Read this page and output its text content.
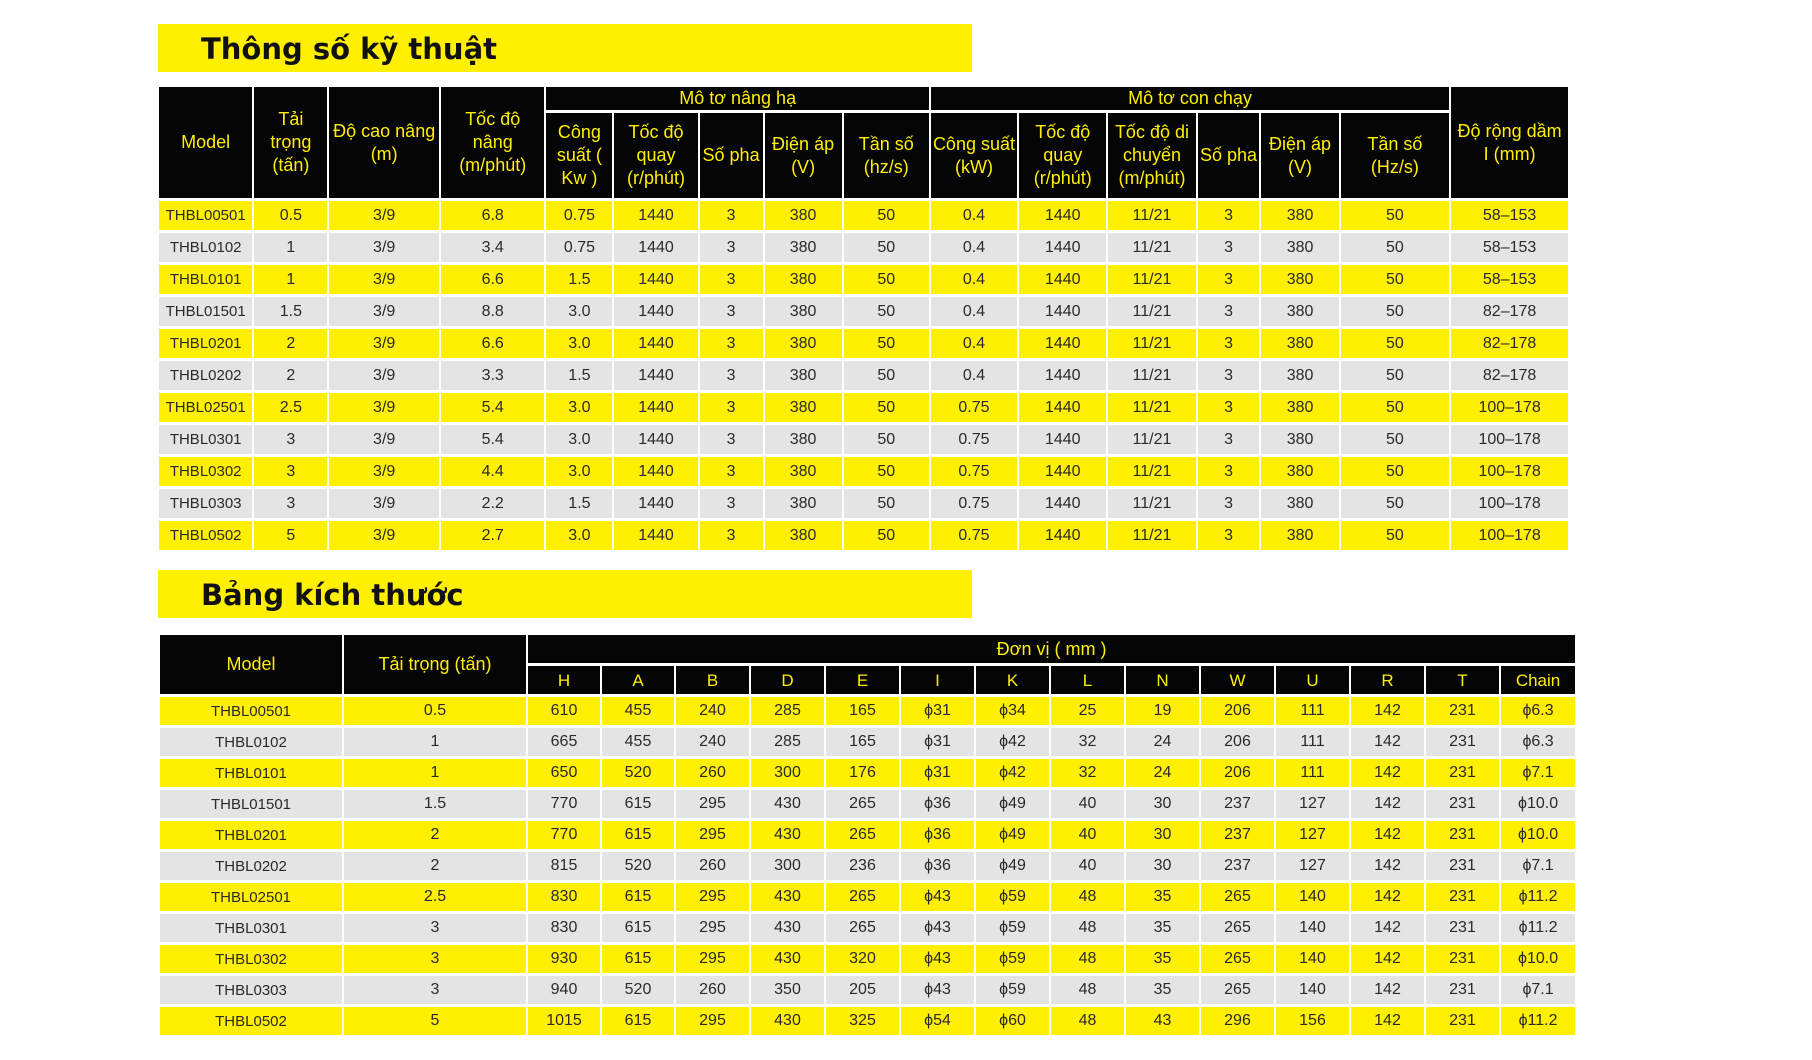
Thông số kỹ thuật
Model	Tải trọng (tấn)	Độ cao nâng (m)	Tốc độ nâng (m/phút)	Mô tơ nâng hạ					Mô tơ con chạy						Độ rộng dầm I (mm)
				Công suất ( Kw )	Tốc độ quay (r/phút)	Số pha	Điện áp (V)	Tần số (hz/s)	Công suất (kW)	Tốc độ quay (r/phút)	Tốc độ di chuyển (m/phút)	Số pha	Điện áp (V)	Tần số (Hz/s)	
THBL00501	0.5	3/9	6.8	0.75	1440	3	380	50	0.4	1440	11/21	3	380	50	58–153
THBL0102	1	3/9	3.4	0.75	1440	3	380	50	0.4	1440	11/21	3	380	50	58–153
THBL0101	1	3/9	6.6	1.5	1440	3	380	50	0.4	1440	11/21	3	380	50	58–153
THBL01501	1.5	3/9	8.8	3.0	1440	3	380	50	0.4	1440	11/21	3	380	50	82–178
THBL0201	2	3/9	6.6	3.0	1440	3	380	50	0.4	1440	11/21	3	380	50	82–178
THBL0202	2	3/9	3.3	1.5	1440	3	380	50	0.4	1440	11/21	3	380	50	82–178
THBL02501	2.5	3/9	5.4	3.0	1440	3	380	50	0.75	1440	11/21	3	380	50	100–178
THBL0301	3	3/9	5.4	3.0	1440	3	380	50	0.75	1440	11/21	3	380	50	100–178
THBL0302	3	3/9	4.4	3.0	1440	3	380	50	0.75	1440	11/21	3	380	50	100–178
THBL0303	3	3/9	2.2	1.5	1440	3	380	50	0.75	1440	11/21	3	380	50	100–178
THBL0502	5	3/9	2.7	3.0	1440	3	380	50	0.75	1440	11/21	3	380	50	100–178
Bảng kích thước
Model	Tải trọng (tấn)	Đơn vị ( mm )													
		H	A	B	D	E	I	K	L	N	W	U	R	T	Chain
THBL00501	0.5	610	455	240	285	165	ϕ31	ϕ34	25	19	206	111	142	231	ϕ6.3
THBL0102	1	665	455	240	285	165	ϕ31	ϕ42	32	24	206	111	142	231	ϕ6.3
THBL0101	1	650	520	260	300	176	ϕ31	ϕ42	32	24	206	111	142	231	ϕ7.1
THBL01501	1.5	770	615	295	430	265	ϕ36	ϕ49	40	30	237	127	142	231	ϕ10.0
THBL0201	2	770	615	295	430	265	ϕ36	ϕ49	40	30	237	127	142	231	ϕ10.0
THBL0202	2	815	520	260	300	236	ϕ36	ϕ49	40	30	237	127	142	231	ϕ7.1
THBL02501	2.5	830	615	295	430	265	ϕ43	ϕ59	48	35	265	140	142	231	ϕ11.2
THBL0301	3	830	615	295	430	265	ϕ43	ϕ59	48	35	265	140	142	231	ϕ11.2
THBL0302	3	930	615	295	430	320	ϕ43	ϕ59	48	35	265	140	142	231	ϕ10.0
THBL0303	3	940	520	260	350	205	ϕ43	ϕ59	48	35	265	140	142	231	ϕ7.1
THBL0502	5	1015	615	295	430	325	ϕ54	ϕ60	48	43	296	156	142	231	ϕ11.2
